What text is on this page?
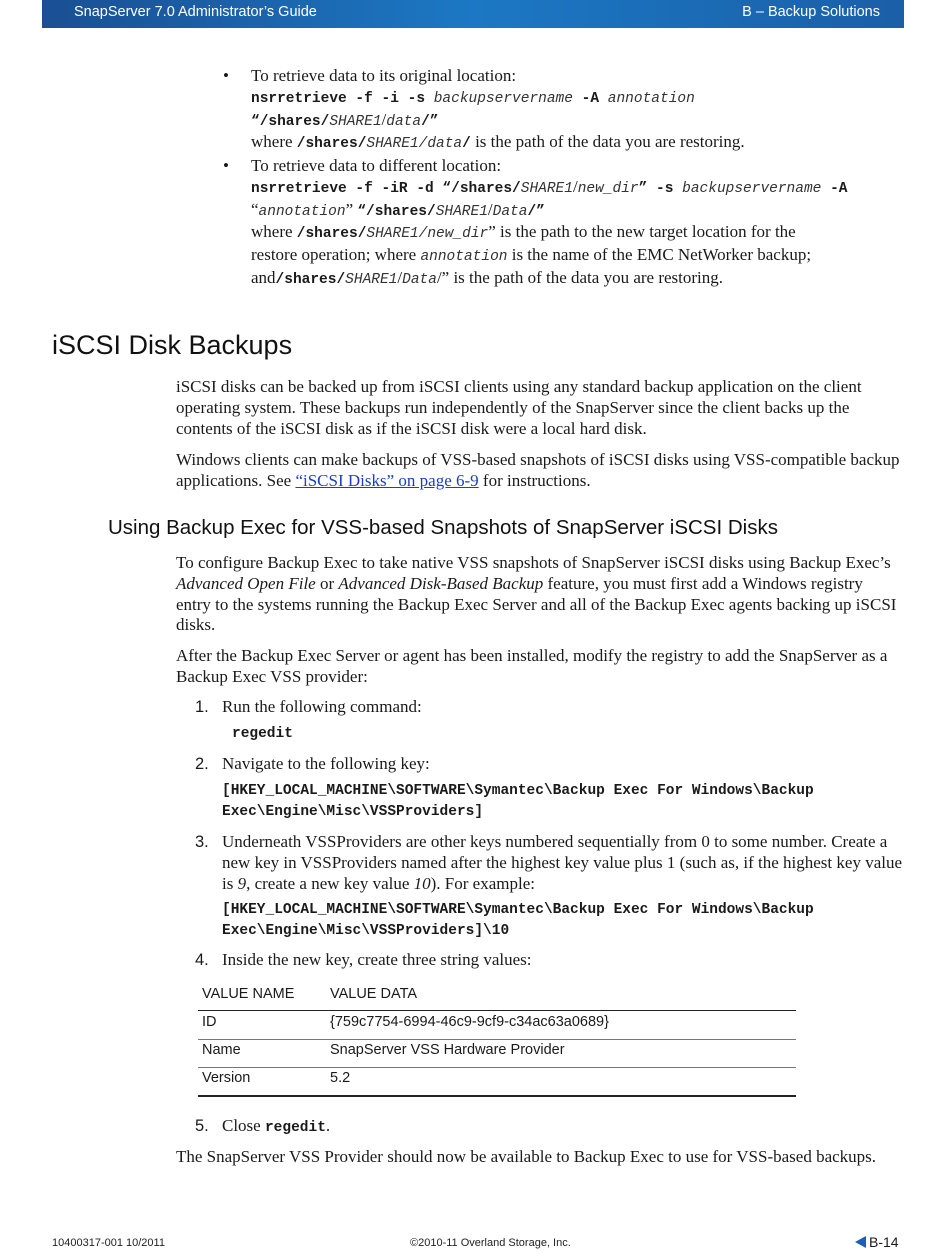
SnapServer 7.0 Administrator’s Guide	B – Backup Solutions
• To retrieve data to its original location:
nsrretrieve -f -i -s backupservername -A annotation
“/shares/SHARE1/data/”
where /shares/SHARE1/data/ is the path of the data you are restoring.
• To retrieve data to different location:
nsrretrieve -f -iR -d “/shares/SHARE1/new_dir” -s backupservername -A
“annotation” “/shares/SHARE1/Data/”
where /shares/SHARE1/new_dir” is the path to the new target location for the
restore operation; where annotation is the name of the EMC NetWorker backup;
and/shares/SHARE1/Data/” is the path of the data you are restoring.
iSCSI Disk Backups
iSCSI disks can be backed up from iSCSI clients using any standard backup application on the client operating system. These backups run independently of the SnapServer since the client backs up the contents of the iSCSI disk as if the iSCSI disk were a local hard disk.
Windows clients can make backups of VSS-based snapshots of iSCSI disks using VSS-compatible backup applications. See “iSCSI Disks” on page 6-9 for instructions.
Using Backup Exec for VSS-based Snapshots of SnapServer iSCSI Disks
To configure Backup Exec to take native VSS snapshots of SnapServer iSCSI disks using Backup Exec’s Advanced Open File or Advanced Disk-Based Backup feature, you must first add a Windows registry entry to the systems running the Backup Exec Server and all of the Backup Exec agents backing up iSCSI disks.
After the Backup Exec Server or agent has been installed, modify the registry to add the SnapServer as a Backup Exec VSS provider:
1. Run the following command:
regedit
2. Navigate to the following key:
[HKEY_LOCAL_MACHINE\SOFTWARE\Symantec\Backup Exec For Windows\Backup
Exec\Engine\Misc\VSSProviders]
3. Underneath VSSProviders are other keys numbered sequentially from 0 to some number. Create a new key in VSSProviders named after the highest key value plus 1 (such as, if the highest key value is 9, create a new key value 10). For example:
[HKEY_LOCAL_MACHINE\SOFTWARE\Symantec\Backup Exec For Windows\Backup
Exec\Engine\Misc\VSSProviders]\10
4. Inside the new key, create three string values:
VALUE NAME VALUE DATA
ID	{759c7754-6994-46c9-9cf9-c34ac63a0689}
Name	SnapServer VSS Hardware Provider
Version	5.2
5. Close regedit.
The SnapServer VSS Provider should now be available to Backup Exec to use for VSS-based backups.
10400317-001 10/2011	©2010-11 Overland Storage, Inc.	B-14
